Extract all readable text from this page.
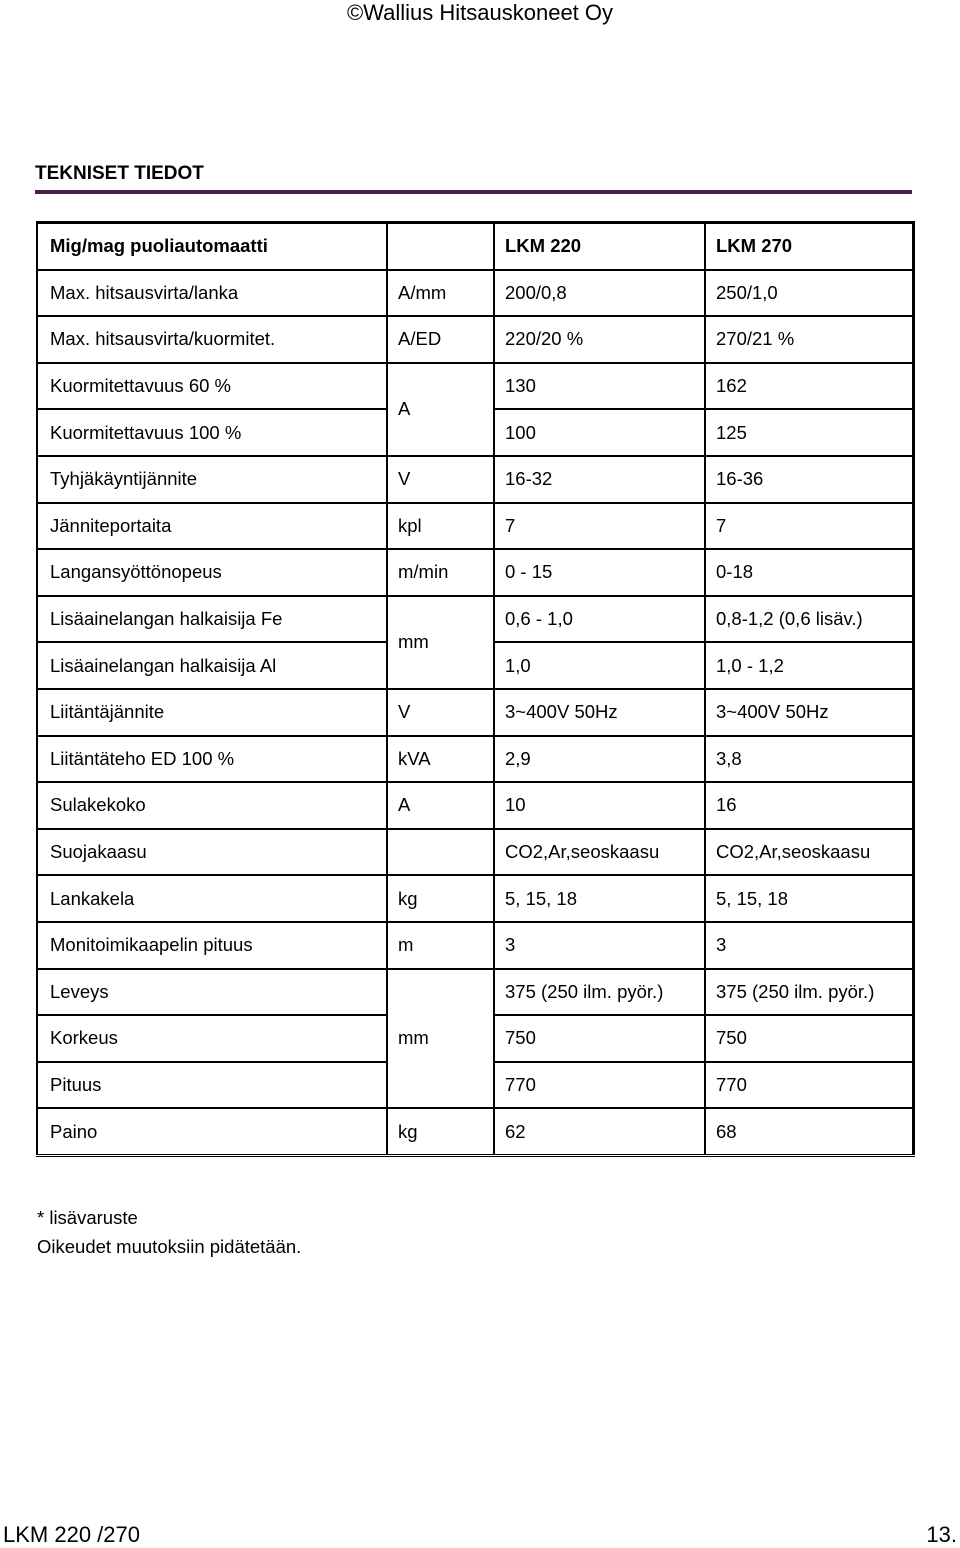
©Wallius Hitsauskoneet Oy
TEKNISET TIEDOT
Mig/mag puoliautomaatti		LKM 220	LKM 270
Max. hitsausvirta/lanka	A/mm	200/0,8	250/1,0
Max. hitsausvirta/kuormitet.	A/ED	220/20 %	270/21 %
Kuormitettavuus 60 %	A	130	162
Kuormitettavuus 100 %		100	125
Tyhjäkäyntijännite	V	16-32	16-36
Jänniteportaita	kpl	7	7
Langansyöttönopeus	m/min	0 - 15	0-18
Lisäainelangan halkaisija Fe	mm	0,6 - 1,0	0,8-1,2 (0,6 lisäv.)
Lisäainelangan halkaisija Al		1,0	1,0 - 1,2
Liitäntäjännite	V	3~400V 50Hz	3~400V 50Hz
Liitäntäteho ED 100 %	kVA	2,9	3,8
Sulakekoko	A	10	16
Suojakaasu		CO2,Ar,seoskaasu	CO2,Ar,seoskaasu
Lankakela	kg	5, 15, 18	5, 15, 18
Monitoimikaapelin pituus	m	3	3
Leveys	mm	375 (250 ilm. pyör.)	375 (250 ilm. pyör.)
Korkeus		750	750
Pituus		770	770
Paino	kg	62	68
* lisävaruste
Oikeudet muutoksiin pidätetään.
LKM 220 /270	13.
